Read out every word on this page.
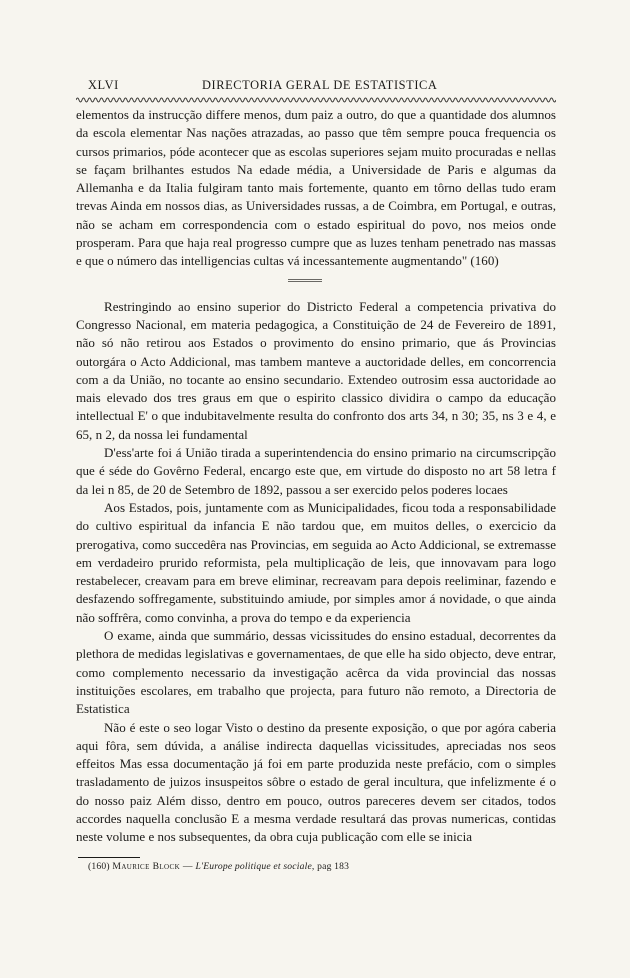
XLVI	DIRECTORIA GERAL DE ESTATISTICA

elementos da instrucção differe menos, dum paiz a outro, do que a quantidade dos alumnos da escola elementar Nas nações atrazadas, ao passo que têm sempre pouca frequencia os cursos primarios, póde acontecer que as escolas superiores sejam muito procuradas e nellas se façam brilhantes estudos Na edade média, a Universidade de Paris e algumas da Allemanha e da Italia fulgiram tanto mais fortemente, quanto em tôrno dellas tudo eram trevas Ainda em nossos dias, as Universidades russas, a de Coimbra, em Portugal, e outras, não se acham em correspondencia com o estado espiritual do povo, nos meios onde prosperam. Para que haja real progresso cumpre que as luzes tenham penetrado nas massas e que o número das intelligencias cultas vá incessantemente augmentando" (160)

Restringindo ao ensino superior do Districto Federal a competencia privativa do Congresso Nacional, em materia pedagogica, a Constituição de 24 de Fevereiro de 1891, não só não retirou aos Estados o provimento do ensino primario, que ás Provincias outorgára o Acto Addicional, mas tambem manteve a auctoridade delles, em concorrencia com a da União, no tocante ao ensino secundario. Extendeo outrosim essa auctoridade ao mais elevado dos tres graus em que o espirito classico dividira o campo da educação intellectual E' o que indubitavelmente resulta do confronto dos arts 34, n 30; 35, ns 3 e 4, e 65, n 2, da nossa lei fundamental

D'ess'arte foi á União tirada a superintendencia do ensino primario na circumscripção que é séde do Govêrno Federal, encargo este que, em virtude do disposto no art 58 letra f da lei n 85, de 20 de Setembro de 1892, passou a ser exercido pelos poderes locaes

Aos Estados, pois, juntamente com as Municipalidades, ficou toda a responsabilidade do cultivo espiritual da infancia E não tardou que, em muitos delles, o exercicio da prerogativa, como succedêra nas Provincias, em seguida ao Acto Addicional, se extremasse em verdadeiro prurido reformista, pela multiplicação de leis, que innovavam para logo restabelecer, creavam para em breve eliminar, recreavam para depois reeliminar, fazendo e desfazendo soffregamente, substituindo amiude, por simples amor á novidade, o que ainda não soffrêra, como convinha, a prova do tempo e da experiencia

O exame, ainda que summário, dessas vicissitudes do ensino estadual, decorrentes da plethora de medidas legislativas e governamentaes, de que elle ha sido objecto, deve entrar, como complemento necessario da investigação acêrca da vida provincial das nossas instituições escolares, em trabalho que projecta, para futuro não remoto, a Directoria de Estatistica

Não é este o seo logar Visto o destino da presente exposição, o que por agóra caberia aqui fôra, sem dúvida, a análise indirecta daquellas vicissitudes, apreciadas nos seos effeitos Mas essa documentação já foi em parte produzida neste prefácio, com o simples trasladamento de juizos insuspeitos sôbre o estado de geral incultura, que infelizmente é o do nosso paiz Além disso, dentro em pouco, outros pareceres devem ser citados, todos accordes naquella conclusão E a mesma verdade resultará das provas numericas, contidas neste volume e nos subsequentes, da obra cuja publicação com elle se inicia

(160) Maurice Block — L'Europe politique et sociale, pag 183
